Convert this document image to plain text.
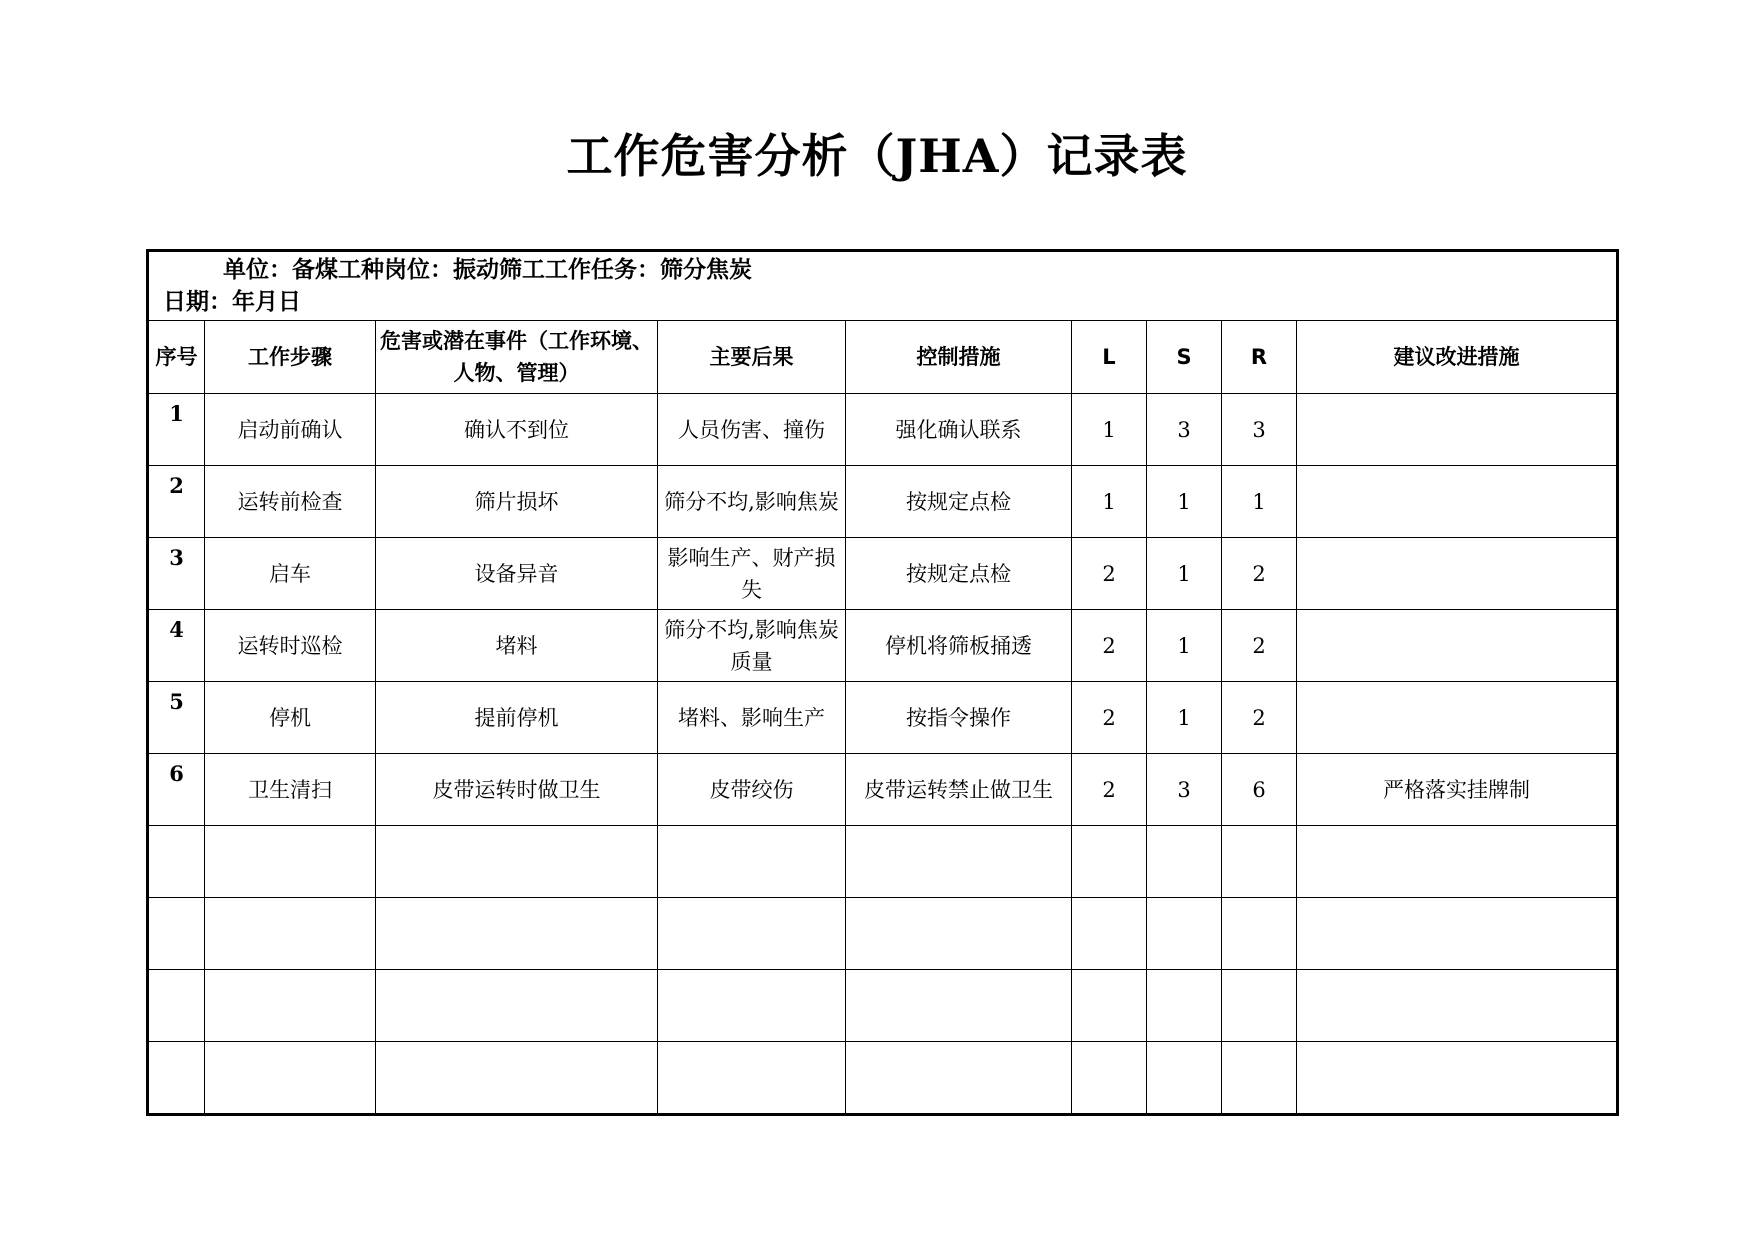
工作危害分析（JHA）记录表
单位：备煤工种岗位：振动筛工工作任务：筛分焦炭
日期：年月日								

序号	工作步骤	危害或潜在事件（工作环境、人物、管理）	主要后果	控制措施	L	S	R	建议改进措施
1	启动前确认	确认不到位	人员伤害、撞伤	强化确认联系	1	3	3	
2	运转前检查	筛片损坏	筛分不均,影响焦炭	按规定点检	1	1	1	
3	启车	设备异音	影响生产、财产损失	按规定点检	2	1	2	
4	运转时巡检	堵料	筛分不均,影响焦炭质量	停机将筛板捅透	2	1	2	
5	停机	提前停机	堵料、影响生产	按指令操作	2	1	2	
6	卫生清扫	皮带运转时做卫生	皮带绞伤	皮带运转禁止做卫生	2	3	6	严格落实挂牌制
